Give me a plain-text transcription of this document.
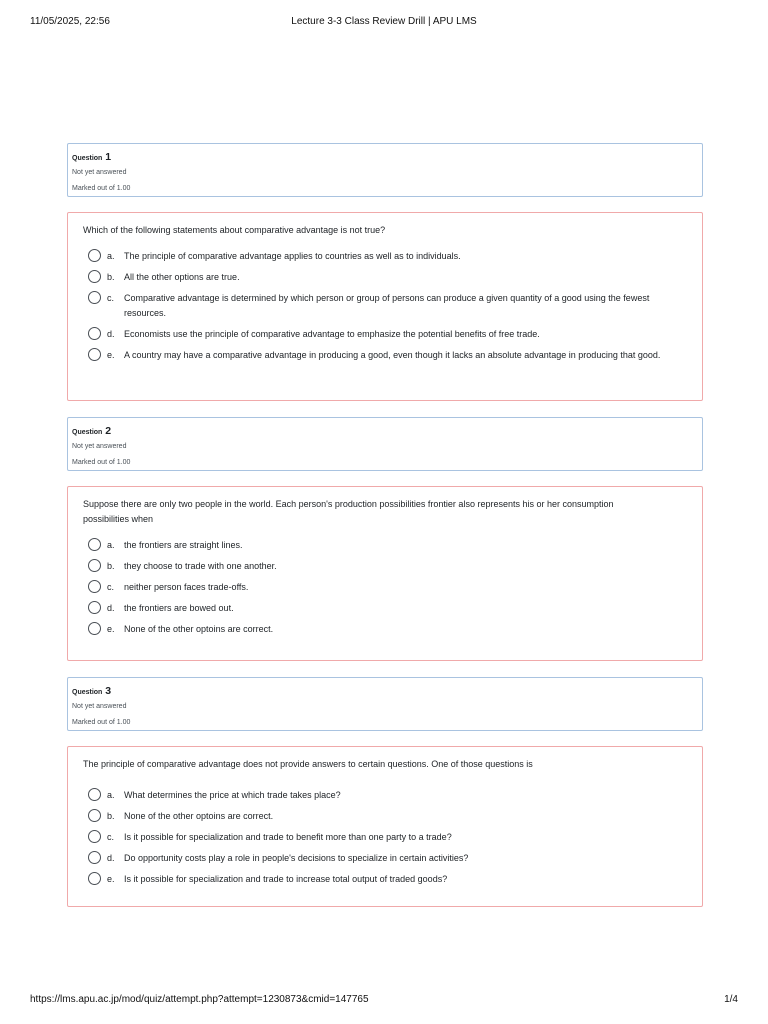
11/05/2025, 22:56	Lecture 3-3 Class Review Drill | APU LMS
Question 1
Not yet answered
Marked out of 1.00
Which of the following statements about comparative advantage is not true?
a.	The principle of comparative advantage applies to countries as well as to individuals.
b.	All the other options are true.
c.	Comparative advantage is determined by which person or group of persons can produce a given quantity of a good using the fewest resources.
d.	Economists use the principle of comparative advantage to emphasize the potential benefits of free trade.
e.	A country may have a comparative advantage in producing a good, even though it lacks an absolute advantage in producing that good.
Question 2
Not yet answered
Marked out of 1.00
Suppose there are only two people in the world. Each person's production possibilities frontier also represents his or her consumption possibilities when
a.	the frontiers are straight lines.
b.	they choose to trade with one another.
c.	neither person faces trade-offs.
d.	the frontiers are bowed out.
e.	None of the other optoins are correct.
Question 3
Not yet answered
Marked out of 1.00
The principle of comparative advantage does not provide answers to certain questions. One of those questions is
a.	What determines the price at which trade takes place?
b.	None of the other optoins are correct.
c.	Is it possible for specialization and trade to benefit more than one party to a trade?
d.	Do opportunity costs play a role in people's decisions to specialize in certain activities?
e.	Is it possible for specialization and trade to increase total output of traded goods?
https://lms.apu.ac.jp/mod/quiz/attempt.php?attempt=1230873&cmid=147765	1/4
